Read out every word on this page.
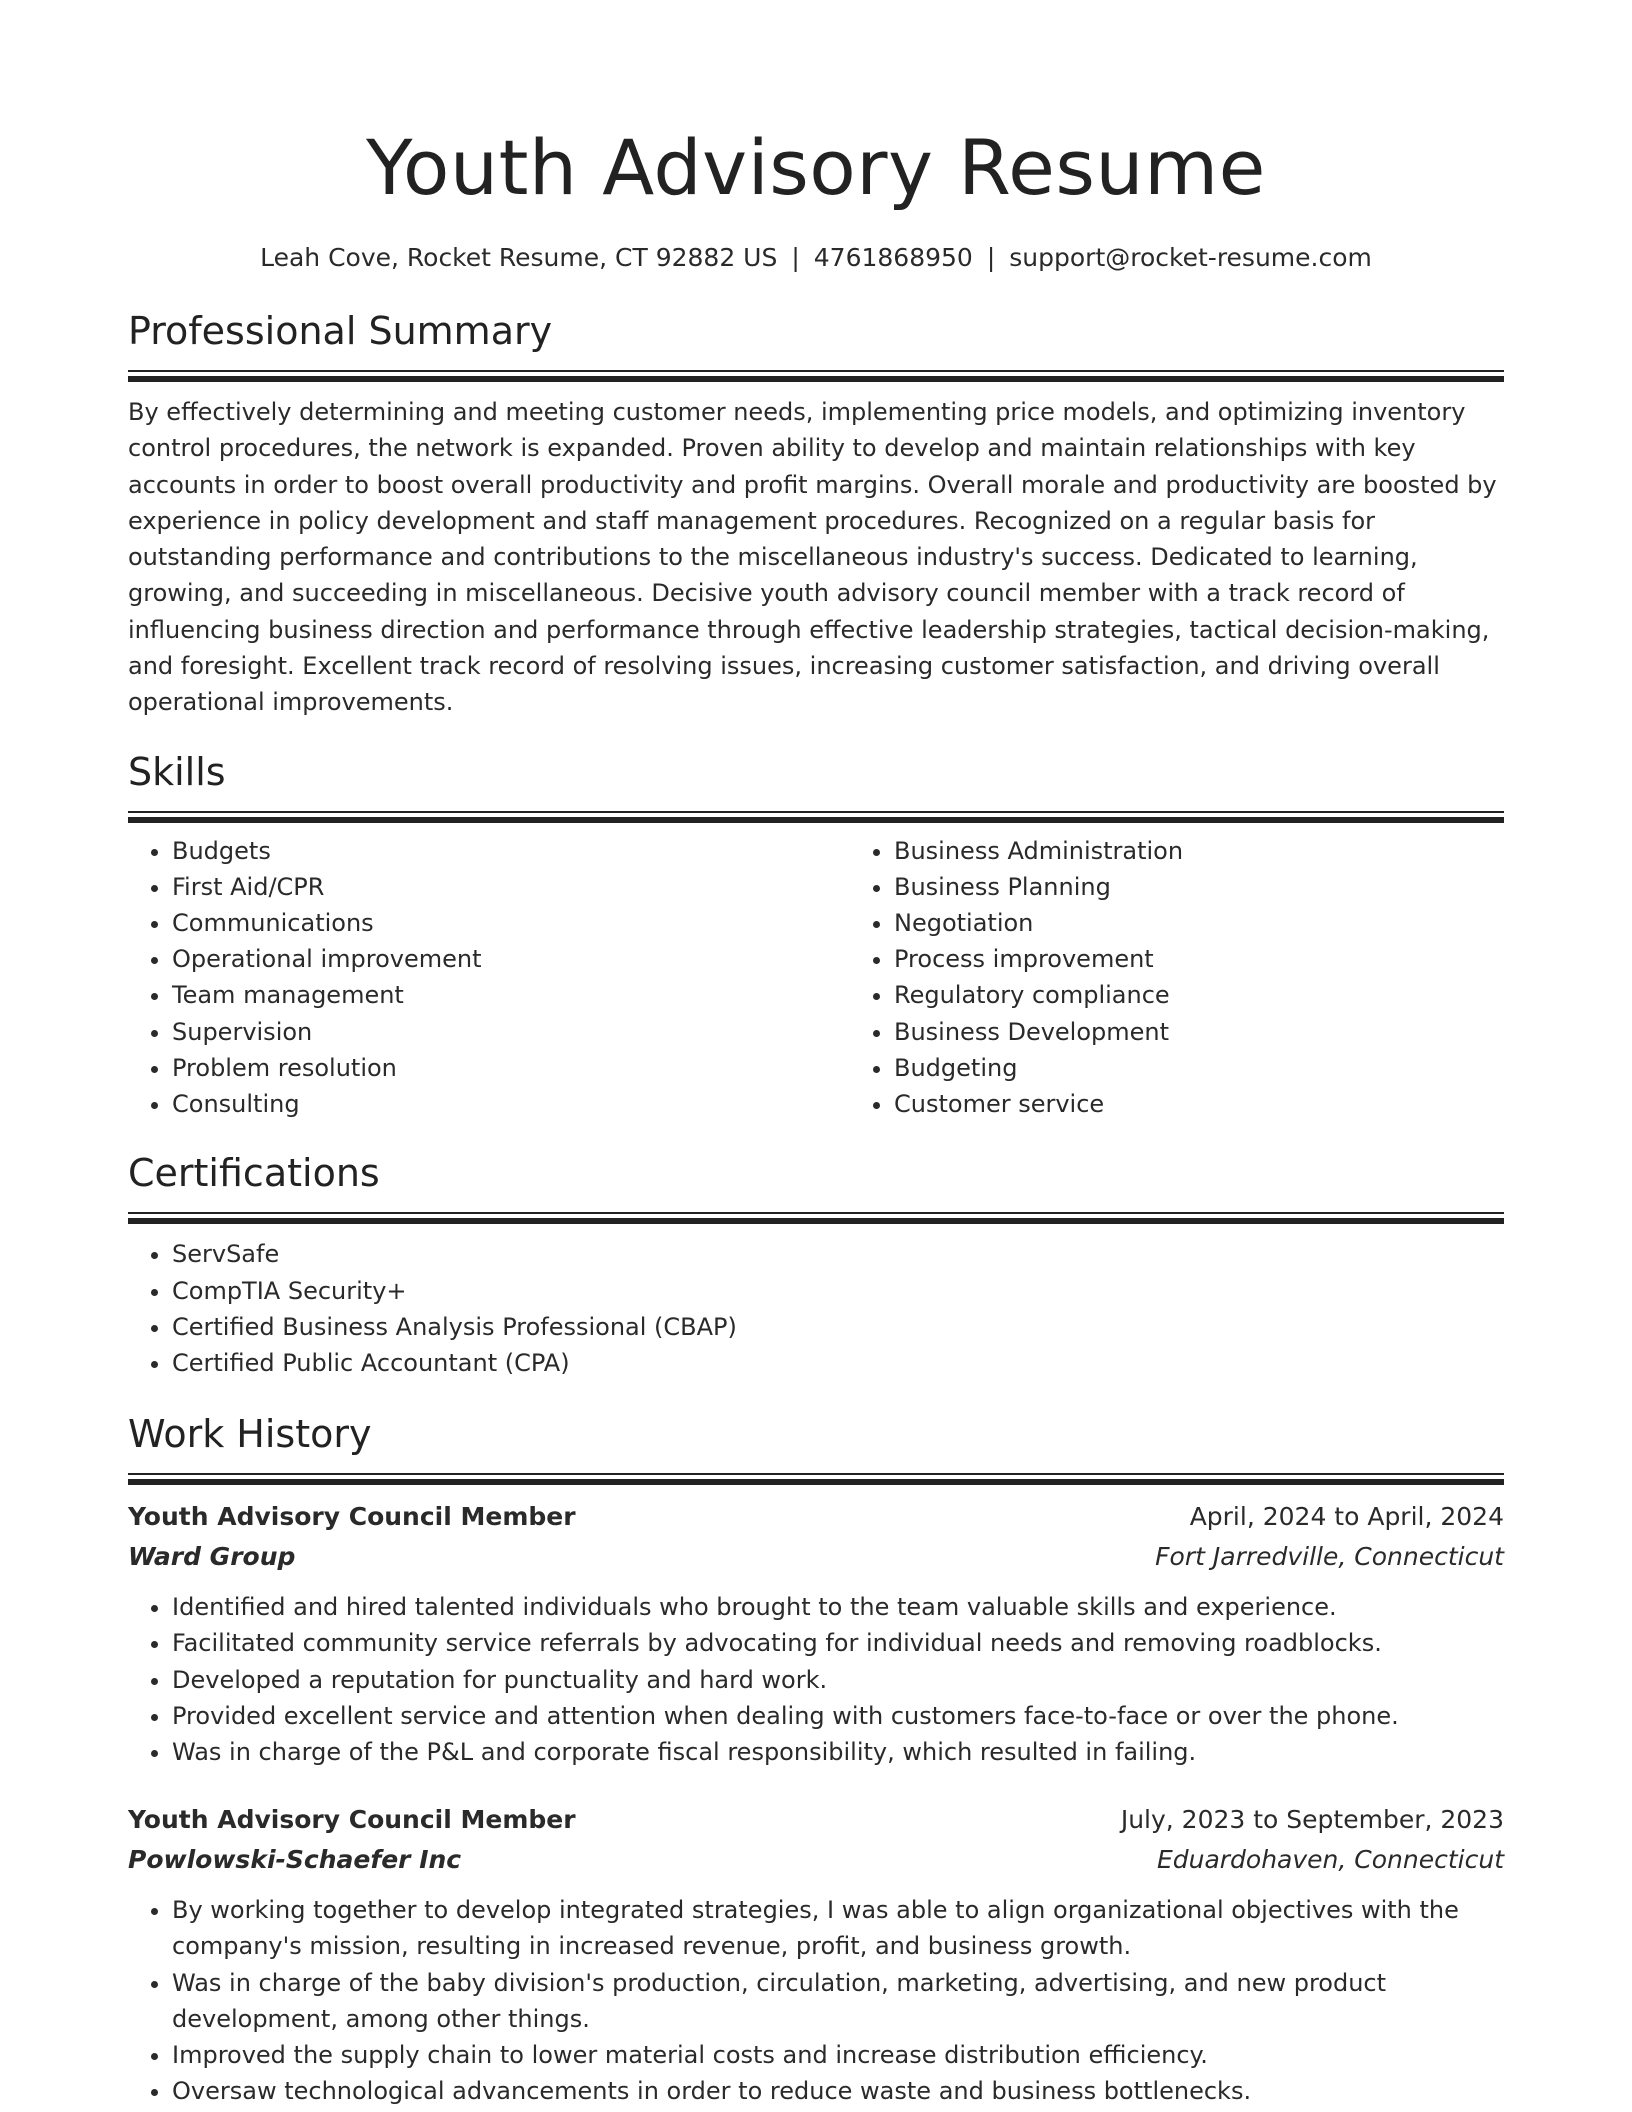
Youth Advisory Resume
Leah Cove, Rocket Resume, CT 92882 US | 4761868950 | support@rocket-resume.com
Professional Summary

By effectively determining and meeting customer needs, implementing price models, and optimizing inventory control procedures, the network is expanded. Proven ability to develop and maintain relationships with key accounts in order to boost overall productivity and profit margins. Overall morale and productivity are boosted by experience in policy development and staff management procedures. Recognized on a regular basis for outstanding performance and contributions to the miscellaneous industry's success. Dedicated to learning, growing, and succeeding in miscellaneous. Decisive youth advisory council member with a track record of influencing business direction and performance through effective leadership strategies, tactical decision-making, and foresight. Excellent track record of resolving issues, increasing customer satisfaction, and driving overall operational improvements.

Skills
• Budgets
• First Aid/CPR
• Communications
• Operational improvement
• Team management
• Supervision
• Problem resolution
• Consulting
• Business Administration
• Business Planning
• Negotiation
• Process improvement
• Regulatory compliance
• Business Development
• Budgeting
• Customer service
Certifications
• ServSafe
• CompTIA Security+
• Certified Business Analysis Professional (CBAP)
• Certified Public Accountant (CPA)
Work History
Youth Advisory Council Member	April, 2024 to April, 2024
Ward Group	Fort Jarredville, Connecticut
• Identified and hired talented individuals who brought to the team valuable skills and experience.
• Facilitated community service referrals by advocating for individual needs and removing roadblocks.
• Developed a reputation for punctuality and hard work.
• Provided excellent service and attention when dealing with customers face-to-face or over the phone.
• Was in charge of the P&L and corporate fiscal responsibility, which resulted in failing.
Youth Advisory Council Member	July, 2023 to September, 2023
Powlowski-Schaefer Inc	Eduardohaven, Connecticut
• By working together to develop integrated strategies, I was able to align organizational objectives with the company's mission, resulting in increased revenue, profit, and business growth.
• Was in charge of the baby division's production, circulation, marketing, advertising, and new product development, among other things.
• Improved the supply chain to lower material costs and increase distribution efficiency.
• Oversaw technological advancements in order to reduce waste and business bottlenecks.
